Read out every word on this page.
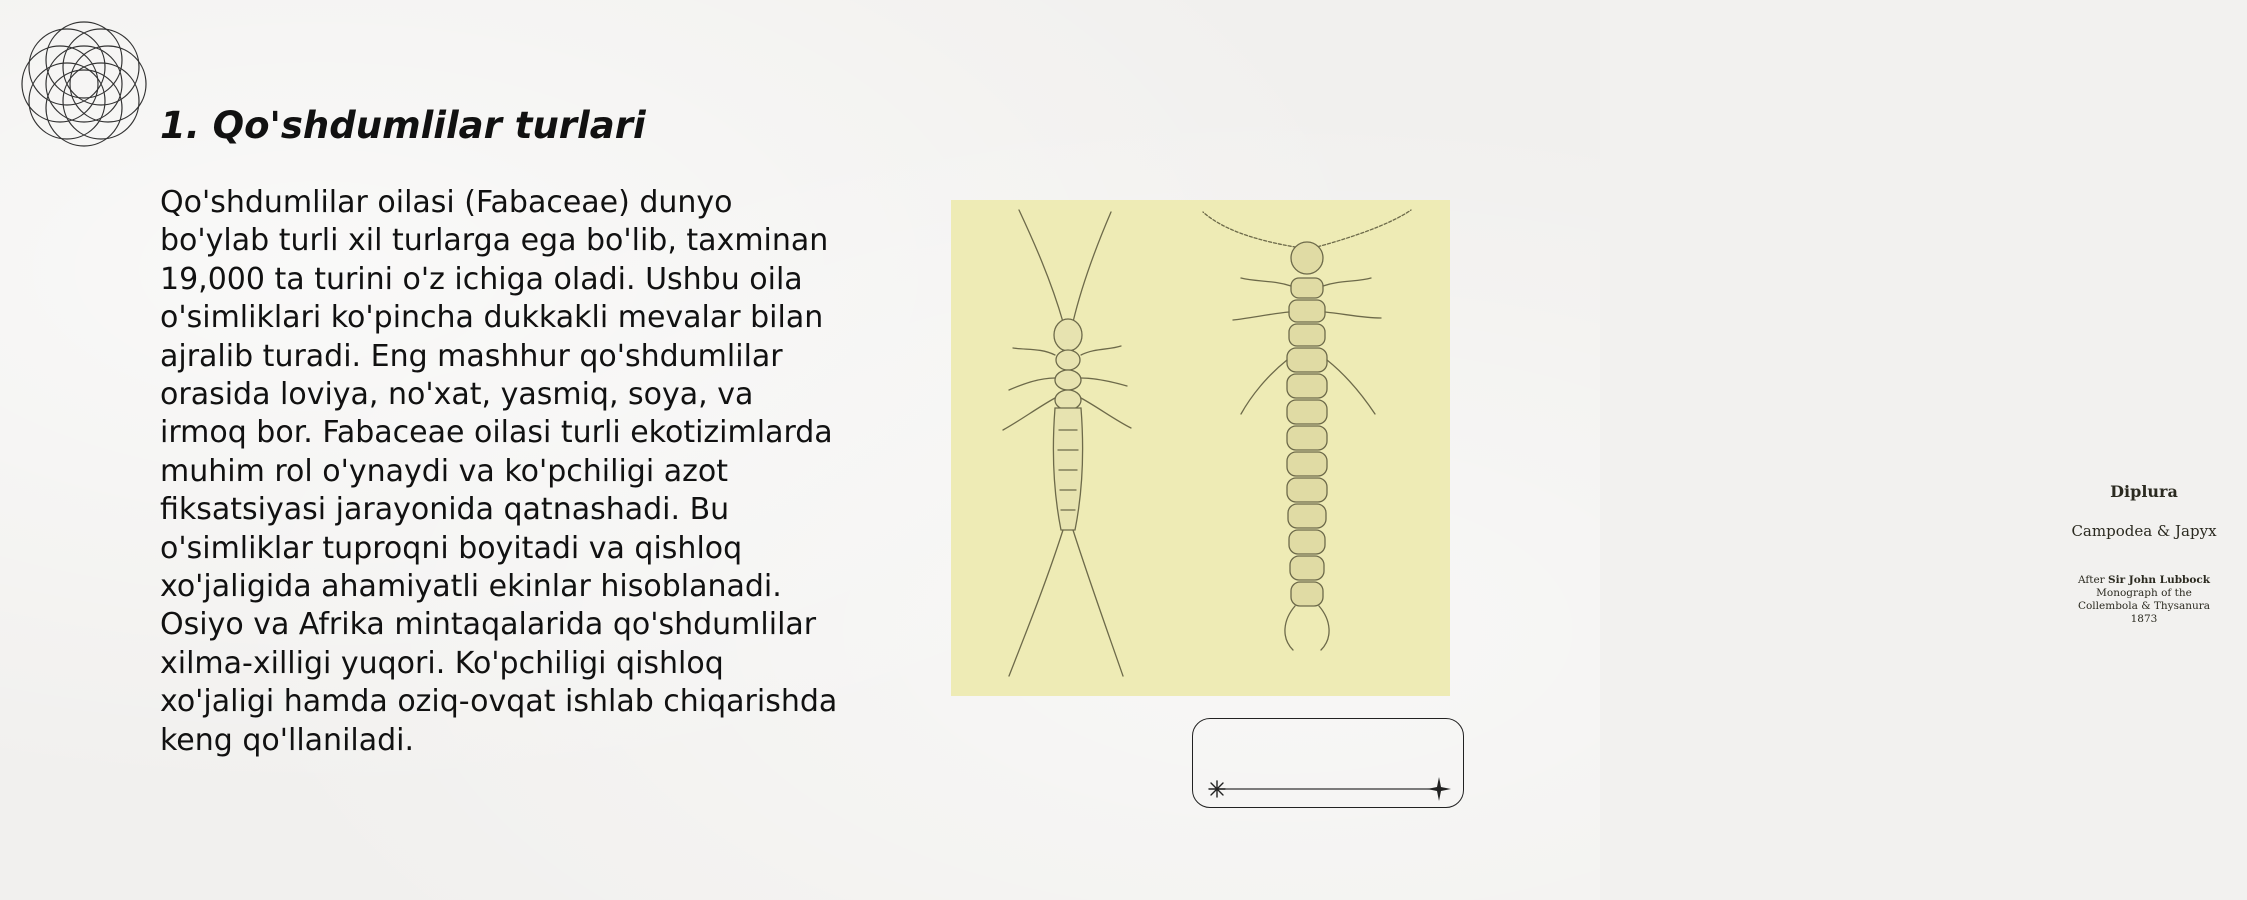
1. Qo'shdumlilar turlari

Qo'shdumlilar oilasi (Fabaceae) dunyo bo'ylab turli xil turlarga ega bo'lib, taxminan 19,000 ta turini o'z ichiga oladi. Ushbu oila o'simliklari ko'pincha dukkakli mevalar bilan ajralib turadi. Eng mashhur qo'shdumlilar orasida loviya, no'xat, yasmiq, soya, va irmoq bor. Fabaceae oilasi turli ekotizimlarda muhim rol o'ynaydi va ko'pchiligi azot fiksatsiyasi jarayonida qatnashadi. Bu o'simliklar tuproqni boyitadi va qishloq xo'jaligida ahamiyatli ekinlar hisoblanadi. Osiyo va Afrika mintaqalarida qo'shdumlilar xilma-xilligi yuqori. Ko'pchiligi qishloq xo'jaligi hamda oziq-ovqat ishlab chiqarishda keng qo'llaniladi.

Diplura
Campodea & Japyx
After Sir John Lubbock
Monograph of the
Collembola & Thysanura
1873
